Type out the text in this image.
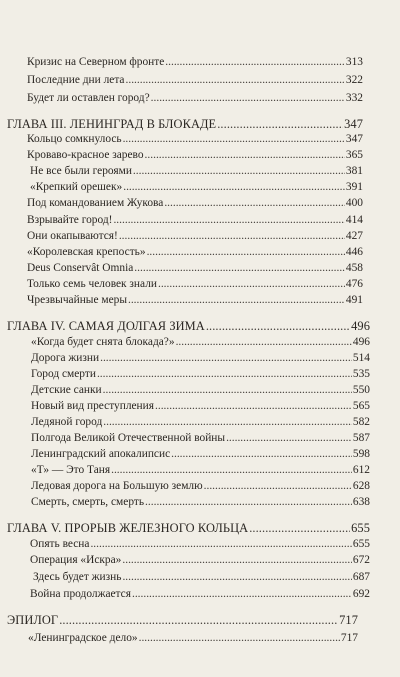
Кризис на Северном фронте .....	313
Последние дни лета .....	322
Будет ли оставлен город? .....	332
ГЛАВА III. ЛЕНИНГРАД В БЛОКАДЕ .....	347
Кольцо сомкнулось .....	347
Кроваво-красное зарево .....	365
Не все были героями .....	381
«Крепкий орешек» .....	391
Под командованием Жукова .....	400
Взрывайте город! .....	414
Они окапываются! .....	427
«Королевская крепость» .....	446
Deus Conservât Omnia .....	458
Только семь человек знали .....	476
Чрезвычайные меры .....	491
ГЛАВА IV. САМАЯ ДОЛГАЯ ЗИМА .....	496
«Когда будет снята блокада?» .....	496
Дорога жизни .....	514
Город смерти .....	535
Детские санки .....	550
Новый вид преступления .....	565
Ледяной город .....	582
Полгода Великой Отечественной войны .....	587
Ленинградский апокалипсис .....	598
«Т» — Это Таня .....	612
Ледовая дорога на Большую землю .....	628
Смерть, смерть, смерть .....	638
ГЛАВА V. ПРОРЫВ ЖЕЛЕЗНОГО КОЛЬЦА .....	655
Опять весна .....	655
Операция «Искра» .....	672
Здесь будет жизнь .....	687
Война продолжается .....	692
ЭПИЛОГ .....	717
«Ленинградское дело» .....	717
